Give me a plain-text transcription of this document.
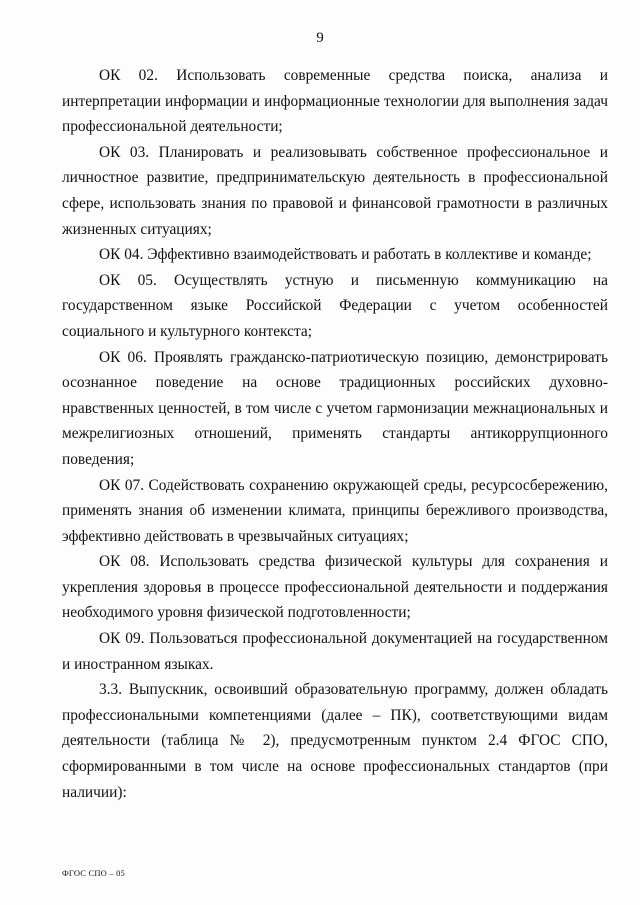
9

ОК 02. Использовать современные средства поиска, анализа и интерпретации информации и информационные технологии для выполнения задач профессиональной деятельности;

ОК 03. Планировать и реализовывать собственное профессиональное и личностное развитие, предпринимательскую деятельность в профессиональной сфере, использовать знания по правовой и финансовой грамотности в различных жизненных ситуациях;

ОК 04. Эффективно взаимодействовать и работать в коллективе и команде;

ОК 05. Осуществлять устную и письменную коммуникацию на государственном языке Российской Федерации с учетом особенностей социального и культурного контекста;

ОК 06. Проявлять гражданско-патриотическую позицию, демонстрировать осознанное поведение на основе традиционных российских духовно-нравственных ценностей, в том числе с учетом гармонизации межнациональных и межрелигиозных отношений, применять стандарты антикоррупционного поведения;

ОК 07. Содействовать сохранению окружающей среды, ресурсосбережению, применять знания об изменении климата, принципы бережливого производства, эффективно действовать в чрезвычайных ситуациях;

ОК 08. Использовать средства физической культуры для сохранения и укрепления здоровья в процессе профессиональной деятельности и поддержания необходимого уровня физической подготовленности;

ОК 09. Пользоваться профессиональной документацией на государственном и иностранном языках.

3.3. Выпускник, освоивший образовательную программу, должен обладать профессиональными компетенциями (далее – ПК), соответствующими видам деятельности (таблица № 2), предусмотренным пунктом 2.4 ФГОС СПО, сформированными в том числе на основе профессиональных стандартов (при наличии):

ФГОС СПО – 05
